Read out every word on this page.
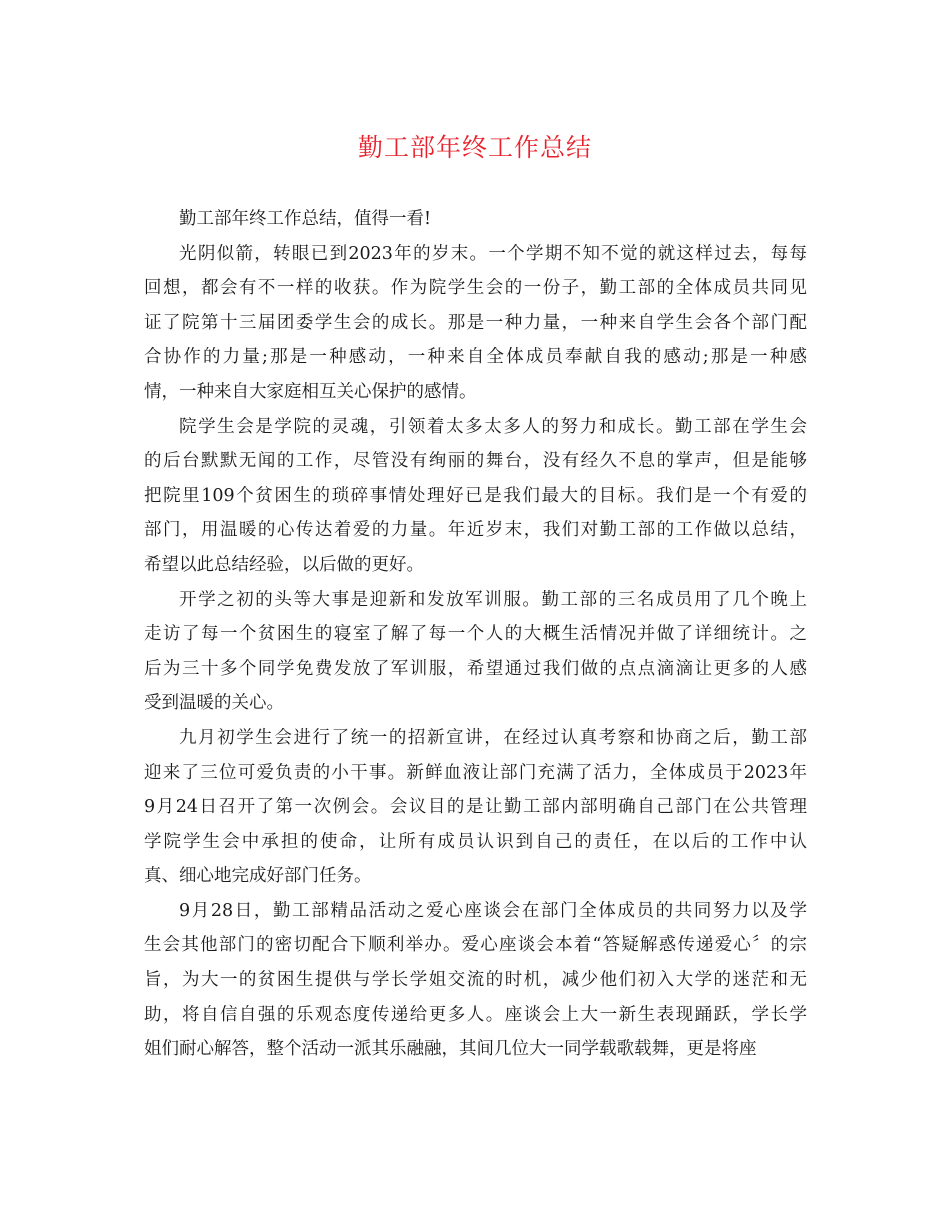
勤工部年终工作总结
勤工部年终工作总结，值得一看!
光阴似箭，转眼已到2023年的岁末。一个学期不知不觉的就这样过去，每每
回想，都会有不一样的收获。作为院学生会的一份子，勤工部的全体成员共同见
证了院第十三届团委学生会的成长。那是一种力量，一种来自学生会各个部门配
合协作的力量;那是一种感动，一种来自全体成员奉献自我的感动;那是一种感
情，一种来自大家庭相互关心保护的感情。
院学生会是学院的灵魂，引领着太多太多人的努力和成长。勤工部在学生会
的后台默默无闻的工作，尽管没有绚丽的舞台，没有经久不息的掌声，但是能够
把院里109个贫困生的琐碎事情处理好已是我们最大的目标。我们是一个有爱的
部门，用温暖的心传达着爱的力量。年近岁末，我们对勤工部的工作做以总结，
希望以此总结经验，以后做的更好。
开学之初的头等大事是迎新和发放军训服。勤工部的三名成员用了几个晚上
走访了每一个贫困生的寝室了解了每一个人的大概生活情况并做了详细统计。之
后为三十多个同学免费发放了军训服，希望通过我们做的点点滴滴让更多的人感
受到温暖的关心。
九月初学生会进行了统一的招新宣讲，在经过认真考察和协商之后，勤工部
迎来了三位可爱负责的小干事。新鲜血液让部门充满了活力，全体成员于2023年
9月24日召开了第一次例会。会议目的是让勤工部内部明确自己部门在公共管理
学院学生会中承担的使命，让所有成员认识到自己的责任，在以后的工作中认
真、细心地完成好部门任务。
9月28日，勤工部精品活动之爱心座谈会在部门全体成员的共同努力以及学
生会其他部门的密切配合下顺利举办。爱心座谈会本着“答疑解惑传递爱心〞的宗
旨，为大一的贫困生提供与学长学姐交流的时机，减少他们初入大学的迷茫和无
助，将自信自强的乐观态度传递给更多人。座谈会上大一新生表现踊跃，学长学
姐们耐心解答，整个活动一派其乐融融，其间几位大一同学载歌载舞，更是将座
